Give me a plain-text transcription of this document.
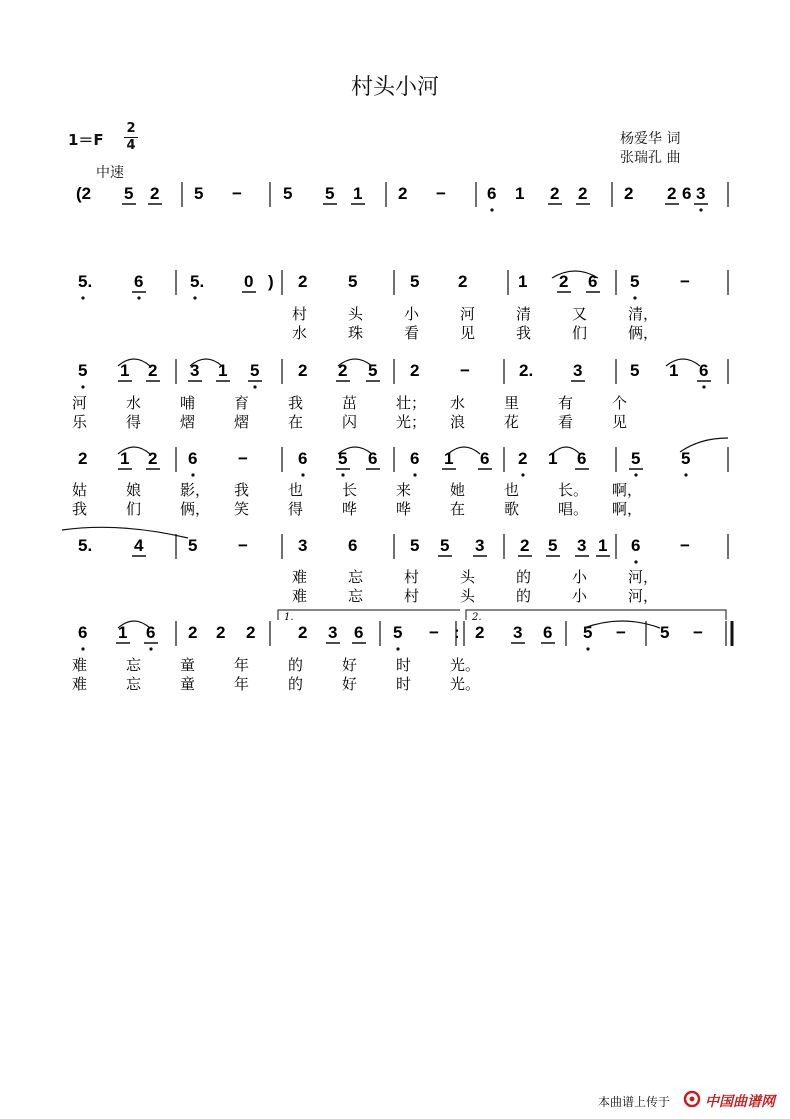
村头小河
1＝F
2
4
中速
杨爱华 词
张瑞孔 曲
(2 5 2 5 − 5 5 1 2 − 6 1 2 2 2 2 3
6
5. 6	5. 0 ) 2 5	5 2	1 2 6 5 −
村	头	小	河	清	又	清，
水	珠	看	见	我	们	俩，
5 1 2 3 1 5 2 2 5 2 −	2. 3	5 1 6
河	水	哺	育	我	茁	壮； 水	里	有	个
乐	得	熠	熠	在	闪	光； 浪	花	看	见
2 1 2 6 −	6 5 6 6 1 6 2 1 6	5 5
姑	娘	影， 我	也	长	来	她	也	长。 啊，
我	们	俩， 笑	得	哗	哗	在	歌	唱。 啊，
5. 4	5 −	3 6	5 5 3 2 5 3 1 6 −
难	忘	村	头	的	小	河，
难	忘	村	头	的	小	河，
6 1 6 2 2 2	2 3 6 5 − : 2 3 6 5 − 5 −
难	忘	童	年	的	好	时	光。
难	忘	童	年	的	好	时	光。
1.	2.
本曲谱上传于 中国曲谱网
